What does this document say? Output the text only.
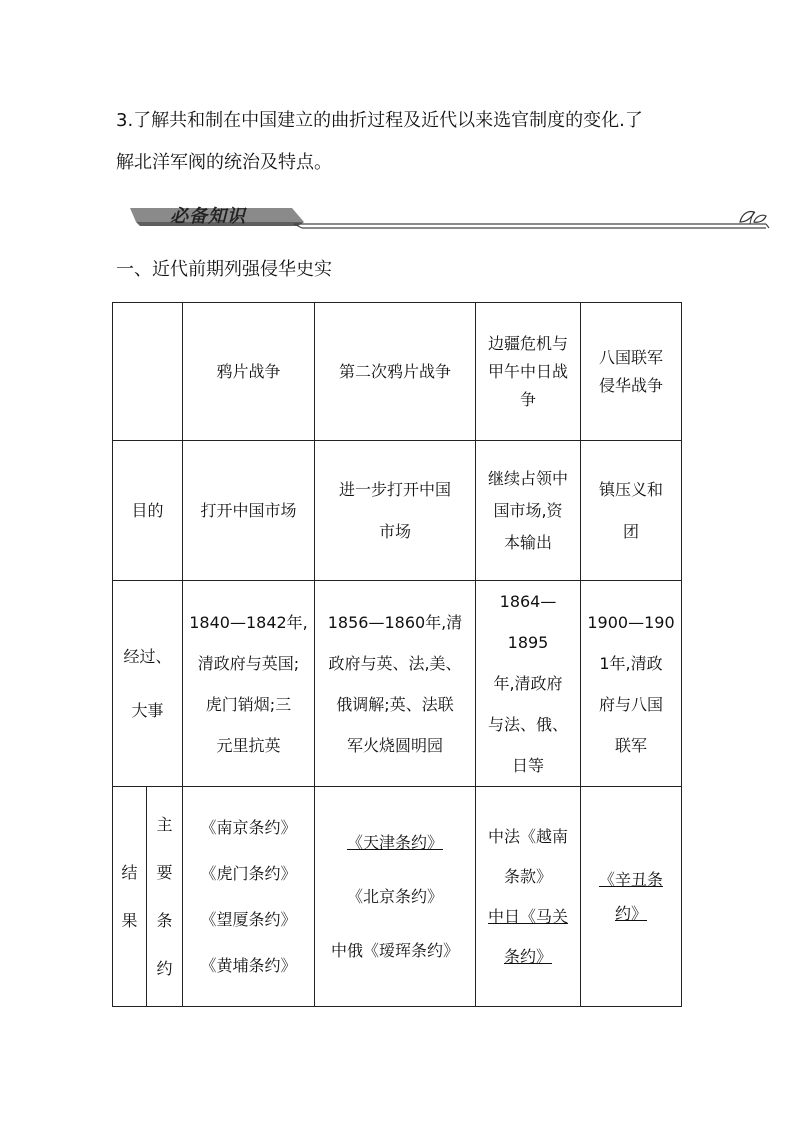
3.了解共和制在中国建立的曲折过程及近代以来选官制度的变化.了

解北洋军阀的统治及特点。

必备知识
一、近代前期列强侵华史实

		鸦片战争	第二次鸦片战争	边疆危机与
甲午中日战
争	八国联军
侵华战争

目的		打开中国市场	进一步打开中国
市场	继续占领中
国市场,资
本输出	镇压义和
团

经过、
大事		1840—1842年,
清政府与英国;
虎门销烟;三
元里抗英	1856—1860年,清
政府与英、法,美、
俄调解;英、法联
军火烧圆明园	1864—1895
年,清政府
与法、俄、
日等	1900—190
1年,清政
府与八国
联军

结
果	主
要
条
约	《南京条约》
《虎门条约》
《望厦条约》
《黄埔条约》	《天津条约》
《北京条约》
中俄《瑷珲条约》	中法《越南
条款》
中日《马关
条约》	《辛丑条
约》
